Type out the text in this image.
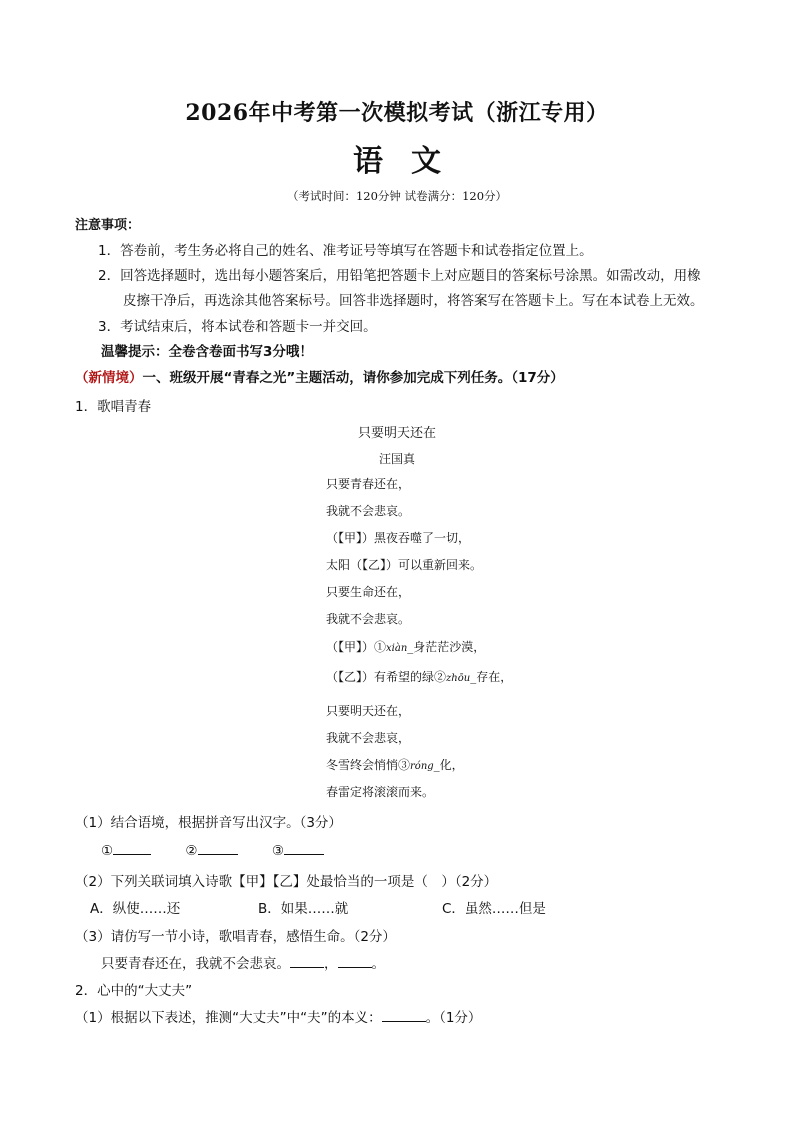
2026年中考第一次模拟考试（浙江专用）
语文
（考试时间：120分钟 试卷满分：120分）
注意事项：
1．答卷前，考生务必将自己的姓名、准考证号等填写在答题卡和试卷指定位置上。
2．回答选择题时，选出每小题答案后，用铅笔把答题卡上对应题目的答案标号涂黑。如需改动，用橡
皮擦干净后，再选涂其他答案标号。回答非选择题时，将答案写在答题卡上。写在本试卷上无效。
3．考试结束后，将本试卷和答题卡一并交回。
温馨提示：全卷含卷面书写3分哦！
（新情境）一、班级开展“青春之光”主题活动，请你参加完成下列任务。（17分）
1．歌唱青春
只要明天还在
汪国真
只要青春还在，
我就不会悲哀。
（【甲】）黑夜吞噬了一切，
太阳（【乙】）可以重新回来。
只要生命还在，
我就不会悲哀。
（【甲】）①xiàn_身茫茫沙漠，
（【乙】）有希望的绿②zhōu_存在，
只要明天还在，
我就不会悲哀，
冬雪终会悄悄③róng_化，
春雷定将滚滚而来。
（1）结合语境，根据拼音写出汉字。（3分）
①	②	③
（2）下列关联词填入诗歌【甲】【乙】处最恰当的一项是（　）（2分）
A．纵使……还	B．如果……就	C．虽然……但是
（3）请仿写一节小诗，歌唱青春，感悟生命。（2分）
只要青春还在，我就不会悲哀。	，	。
2．心中的“大丈夫”
（1）根据以下表述，推测“大丈夫”中“夫”的本义：	。（1分）
